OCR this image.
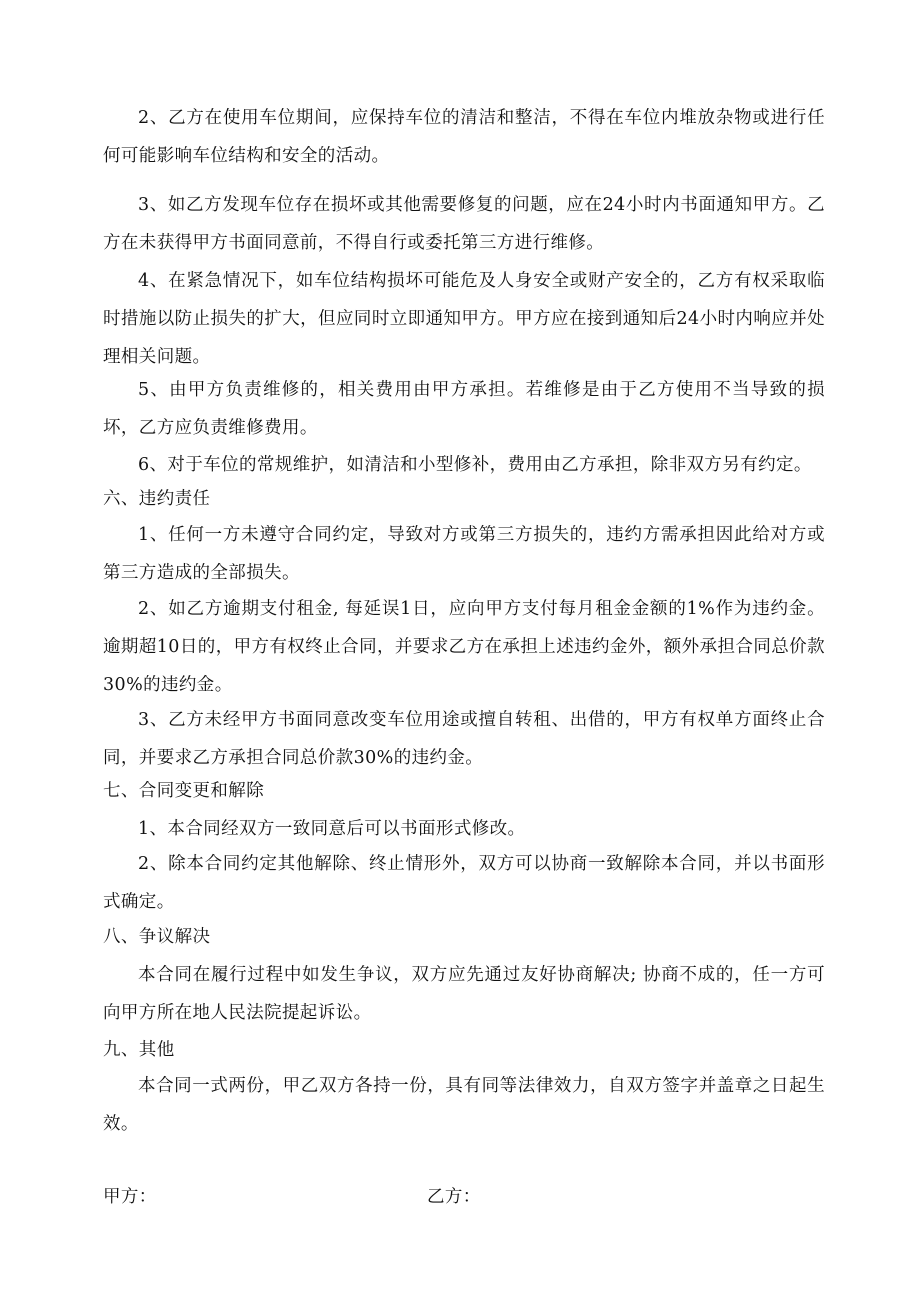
2、乙方在使用车位期间，应保持车位的清洁和整洁，不得在车位内堆放杂物或进行任何可能影响车位结构和安全的活动。

3、如乙方发现车位存在损坏或其他需要修复的问题，应在24小时内书面通知甲方。乙方在未获得甲方书面同意前，不得自行或委托第三方进行维修。

4、在紧急情况下，如车位结构损坏可能危及人身安全或财产安全的，乙方有权采取临时措施以防止损失的扩大，但应同时立即通知甲方。甲方应在接到通知后24小时内响应并处理相关问题。

5、由甲方负责维修的，相关费用由甲方承担。若维修是由于乙方使用不当导致的损坏，乙方应负责维修费用。

6、对于车位的常规维护，如清洁和小型修补，费用由乙方承担，除非双方另有约定。

六、违约责任

1、任何一方未遵守合同约定，导致对方或第三方损失的，违约方需承担因此给对方或第三方造成的全部损失。

2、如乙方逾期支付租金, 每延误1日，应向甲方支付每月租金金额的1%作为违约金。逾期超10日的，甲方有权终止合同，并要求乙方在承担上述违约金外，额外承担合同总价款30%的违约金。

3、乙方未经甲方书面同意改变车位用途或擅自转租、出借的，甲方有权单方面终止合同，并要求乙方承担合同总价款30%的违约金。

七、合同变更和解除

1、本合同经双方一致同意后可以书面形式修改。

2、除本合同约定其他解除、终止情形外，双方可以协商一致解除本合同，并以书面形式确定。

八、争议解决

本合同在履行过程中如发生争议，双方应先通过友好协商解决; 协商不成的，任一方可向甲方所在地人民法院提起诉讼。

九、其他

本合同一式两份，甲乙双方各持一份，具有同等法律效力，自双方签字并盖章之日起生效。

甲方：	乙方：
